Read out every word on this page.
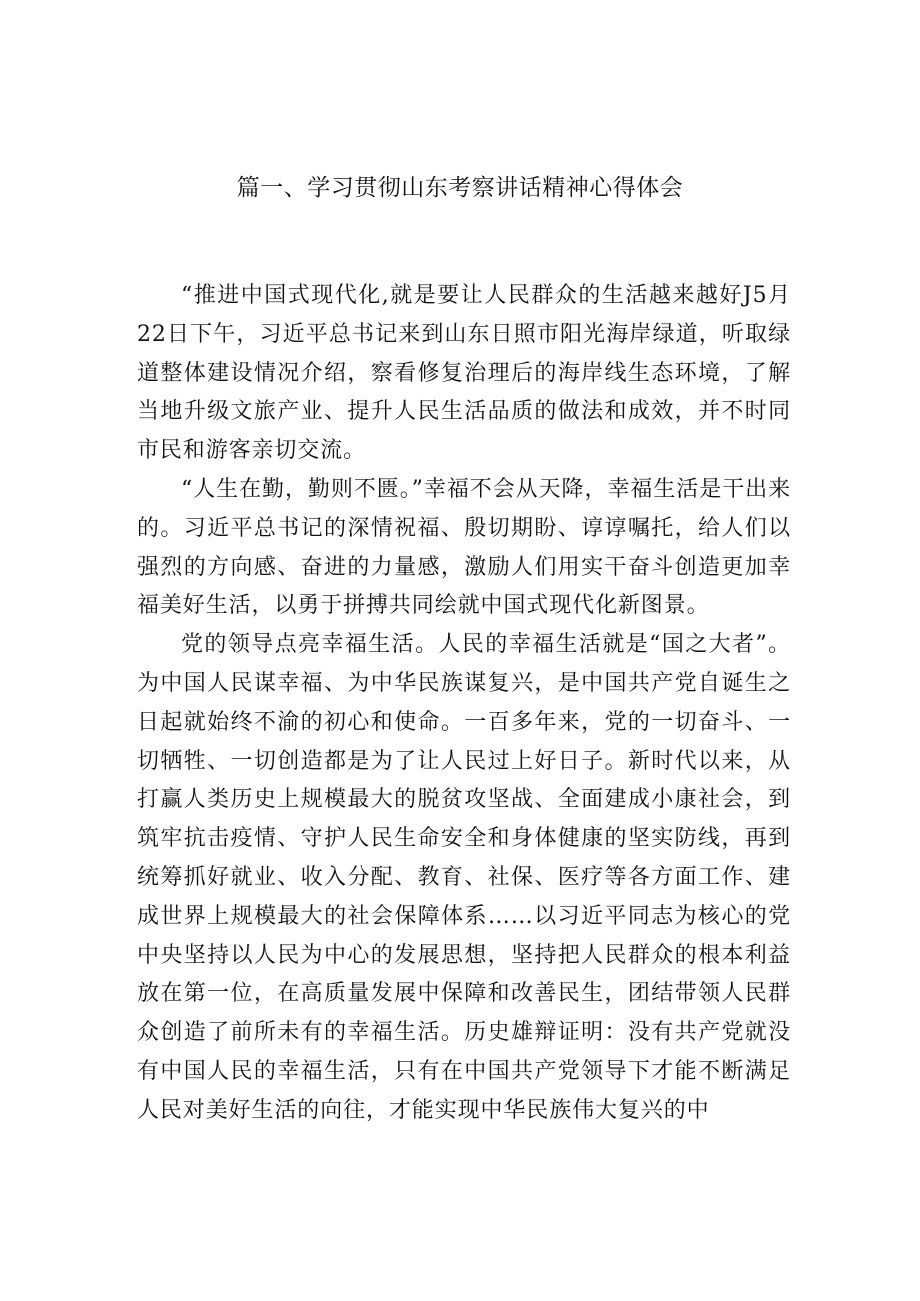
篇一、学习贯彻山东考察讲话精神心得体会

“推进中国式现代化,就是要让人民群众的生活越来越好J5月22日下午，习近平总书记来到山东日照市阳光海岸绿道，听取绿道整体建设情况介绍，察看修复治理后的海岸线生态环境，了解当地升级文旅产业、提升人民生活品质的做法和成效，并不时同市民和游客亲切交流。

“人生在勤，勤则不匮。”幸福不会从天降，幸福生活是干出来的。习近平总书记的深情祝福、殷切期盼、谆谆嘱托，给人们以强烈的方向感、奋进的力量感，激励人们用实干奋斗创造更加幸福美好生活，以勇于拼搏共同绘就中国式现代化新图景。

党的领导点亮幸福生活。人民的幸福生活就是“国之大者”。为中国人民谋幸福、为中华民族谋复兴，是中国共产党自诞生之日起就始终不渝的初心和使命。一百多年来，党的一切奋斗、一切牺牲、一切创造都是为了让人民过上好日子。新时代以来，从打赢人类历史上规模最大的脱贫攻坚战、全面建成小康社会，到筑牢抗击疫情、守护人民生命安全和身体健康的坚实防线，再到统筹抓好就业、收入分配、教育、社保、医疗等各方面工作、建成世界上规模最大的社会保障体系……以习近平同志为核心的党中央坚持以人民为中心的发展思想，坚持把人民群众的根本利益放在第一位，在高质量发展中保障和改善民生，团结带领人民群众创造了前所未有的幸福生活。历史雄辩证明：没有共产党就没有中国人民的幸福生活，只有在中国共产党领导下才能不断满足人民对美好生活的向往，才能实现中华民族伟大复兴的中
